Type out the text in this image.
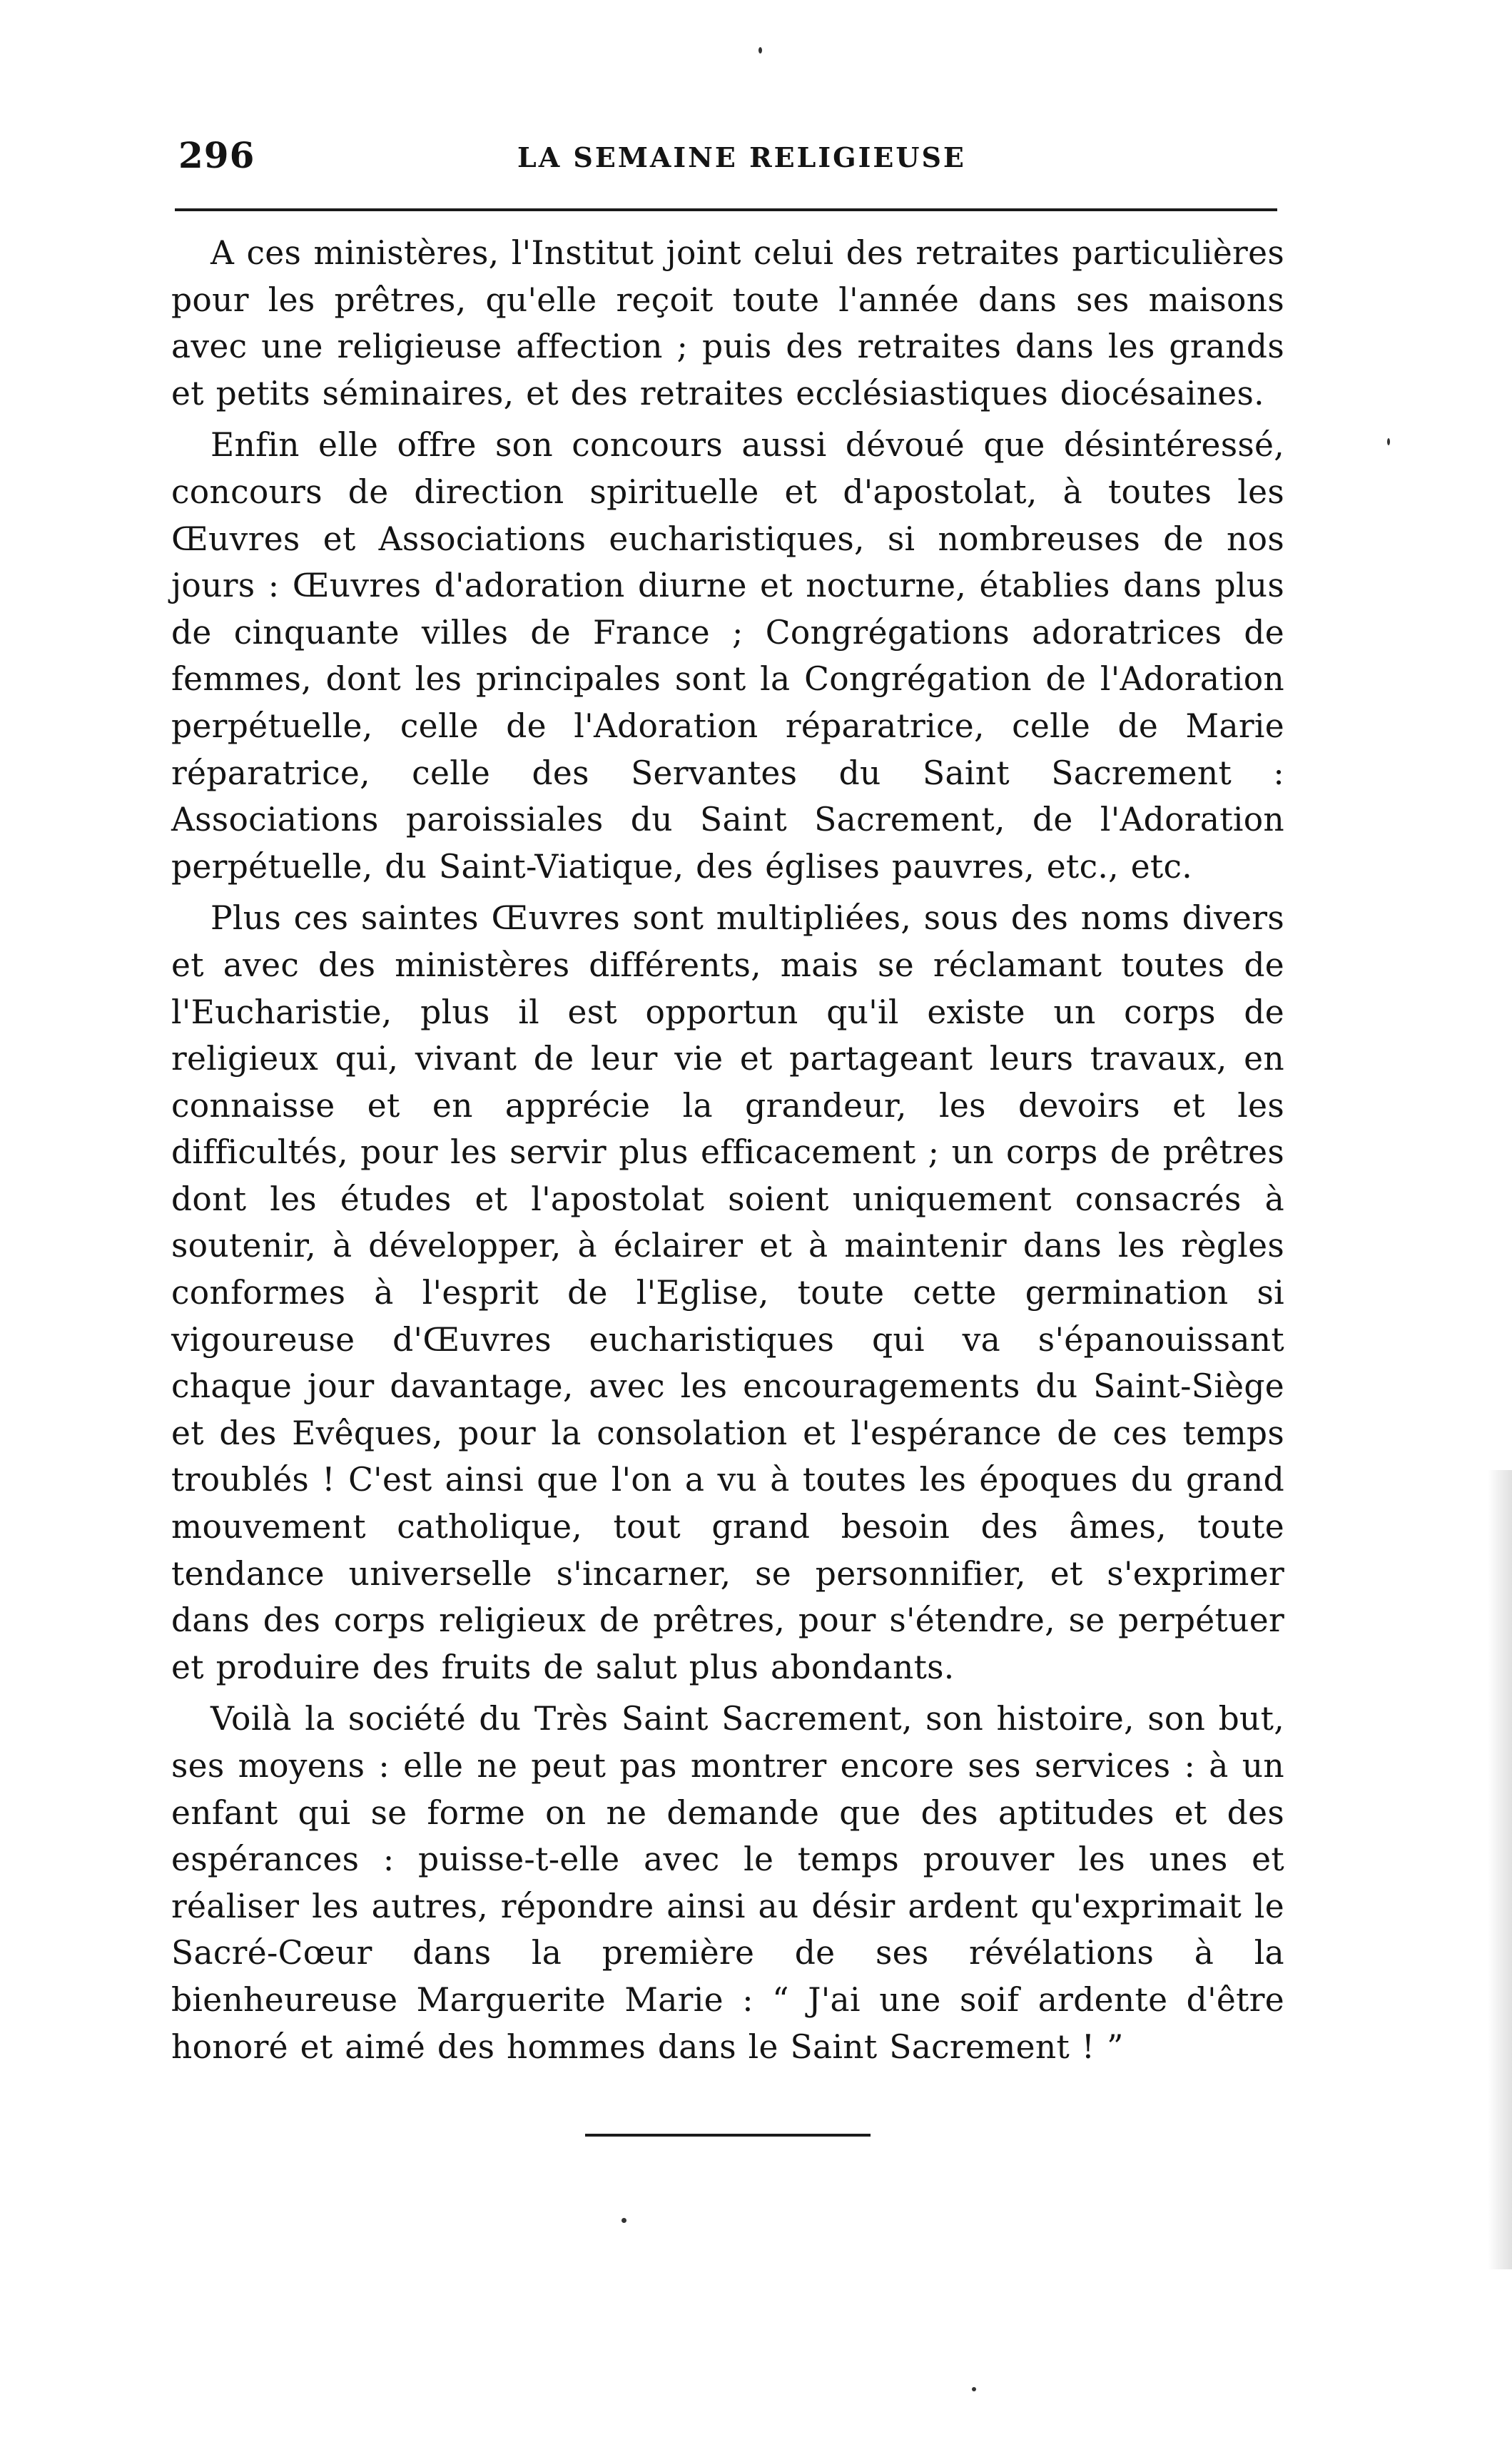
296	LA SEMAINE RELIGIEUSE

A ces ministères, l'Institut joint celui des retraites particulières pour les prêtres, qu'elle reçoit toute l'année dans ses maisons avec une religieuse affection ; puis des retraites dans les grands et petits séminaires, et des retraites ecclésiastiques diocésaines.

Enfin elle offre son concours aussi dévoué que désintéressé, concours de direction spirituelle et d'apostolat, à toutes les Œuvres et Associations eucharistiques, si nombreuses de nos jours : Œuvres d'adoration diurne et nocturne, établies dans plus de cinquante villes de France ; Congrégations adoratrices de femmes, dont les principales sont la Congrégation de l'Adoration perpétuelle, celle de l'Adoration réparatrice, celle de Marie réparatrice, celle des Servantes du Saint Sacrement : Associations paroissiales du Saint Sacrement, de l'Adoration perpétuelle, du Saint-Viatique, des églises pauvres, etc., etc.

Plus ces saintes Œuvres sont multipliées, sous des noms divers et avec des ministères différents, mais se réclamant toutes de l'Eucharistie, plus il est opportun qu'il existe un corps de religieux qui, vivant de leur vie et partageant leurs travaux, en connaisse et en apprécie la grandeur, les devoirs et les difficultés, pour les servir plus efficacement ; un corps de prêtres dont les études et l'apostolat soient uniquement consacrés à soutenir, à développer, à éclairer et à maintenir dans les règles conformes à l'esprit de l'Eglise, toute cette germination si vigoureuse d'Œuvres eucharistiques qui va s'épanouissant chaque jour davantage, avec les encouragements du Saint-Siège et des Evêques, pour la consolation et l'espérance de ces temps troublés ! C'est ainsi que l'on a vu à toutes les époques du grand mouvement catholique, tout grand besoin des âmes, toute tendance universelle s'incarner, se personnifier, et s'exprimer dans des corps religieux de prêtres, pour s'étendre, se perpétuer et produire des fruits de salut plus abondants.

Voilà la société du Très Saint Sacrement, son histoire, son but, ses moyens : elle ne peut pas montrer encore ses services : à un enfant qui se forme on ne demande que des aptitudes et des espérances : puisse-t-elle avec le temps prouver les unes et réaliser les autres, répondre ainsi au désir ardent qu'exprimait le Sacré-Cœur dans la première de ses révélations à la bienheureuse Marguerite Marie : “ J'ai une soif ardente d'être honoré et aimé des hommes dans le Saint Sacrement ! ”
